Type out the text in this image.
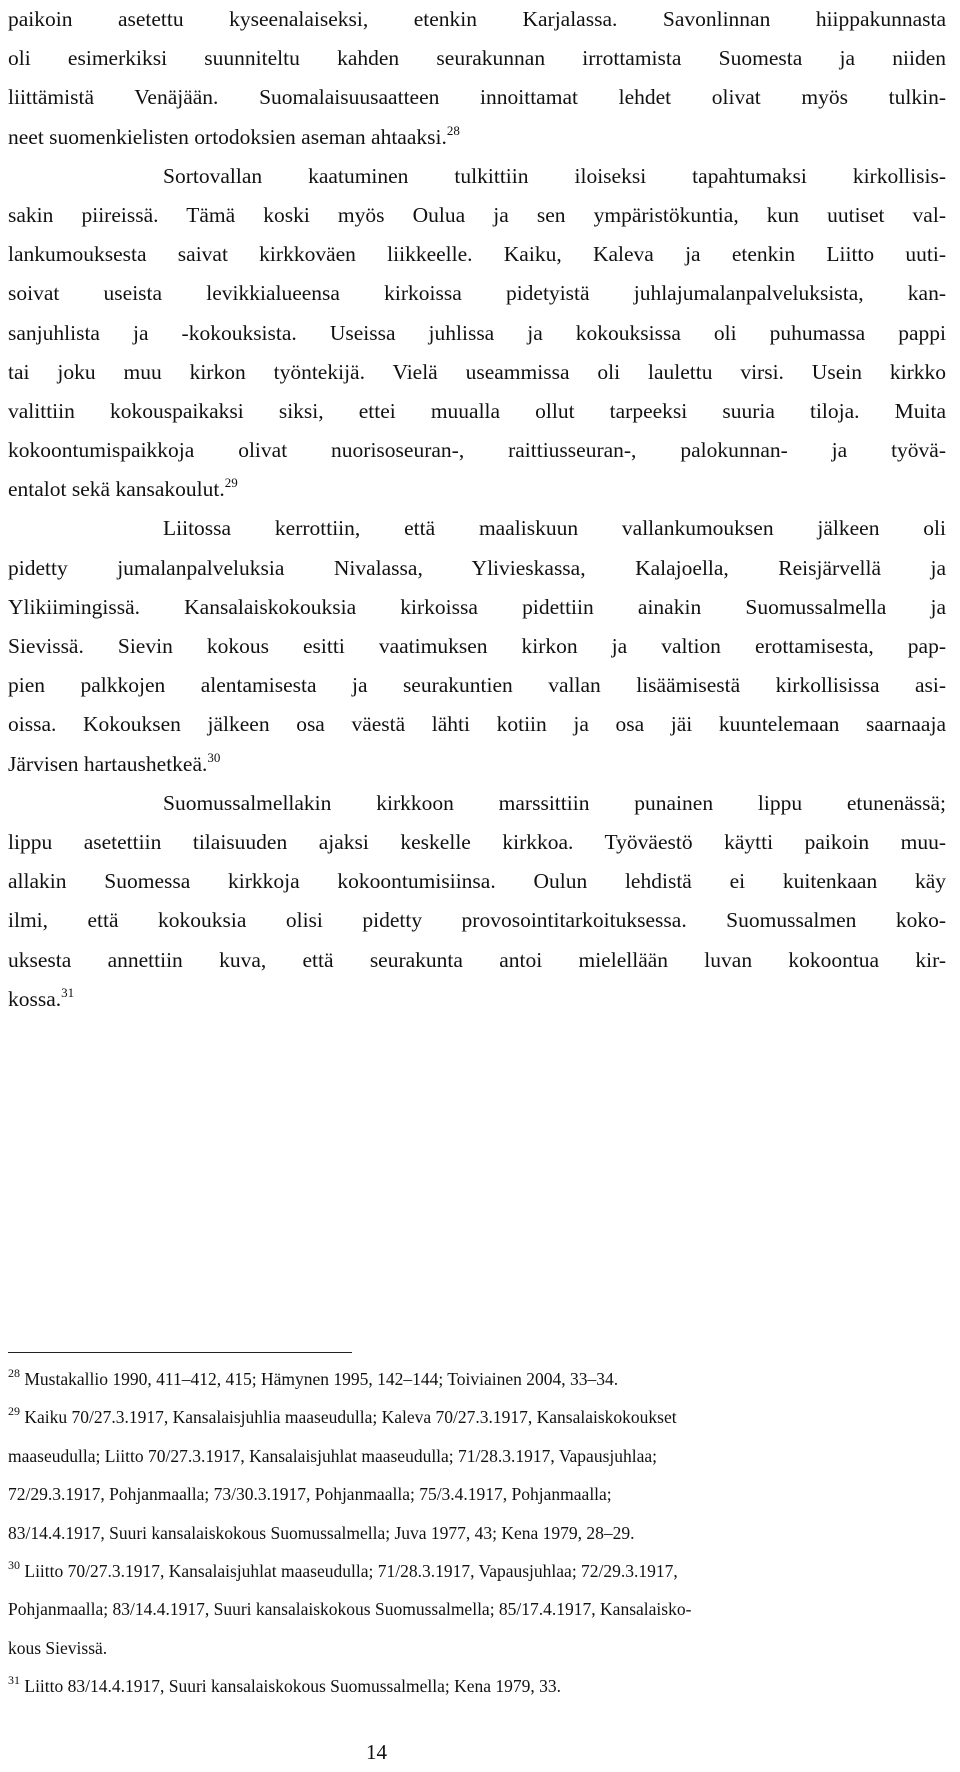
paikoin asetettu kyseenalaiseksi, etenkin Karjalassa. Savonlinnan hiippakunnasta
oli esimerkiksi suunniteltu kahden seurakunnan irrottamista Suomesta ja niiden
liittämistä Venäjään. Suomalaisuusaatteen innoittamat lehdet olivat myös tulkin-
neet suomenkielisten ortodoksien aseman ahtaaksi.$^{28}$
Sortovallan kaatuminen tulkittiin iloiseksi tapahtumaksi kirkollisis-
sakin piireissä. Tämä koski myös Oulua ja sen ympäristökuntia, kun uutiset val-
lankumouksesta saivat kirkkoväen liikkeelle. Kaiku, Kaleva ja etenkin Liitto uuti-
soivat useista levikkialueensa kirkoissa pidetyistä juhlajumalanpalveluksista, kan-
sanjuhlista ja -kokouksista. Useissa juhlissa ja kokouksissa oli puhumassa pappi
tai joku muu kirkon työntekijä. Vielä useammissa oli laulettu virsi. Usein kirkko
valittiin kokouspaikaksi siksi, ettei muualla ollut tarpeeksi suuria tiloja. Muita
kokoontumispaikkoja olivat nuorisoseuran-, raittiusseuran-, palokunnan- ja työvä-
entalot sekä kansakoulut.$^{29}$
Liitossa kerrottiin, että maaliskuun vallankumouksen jälkeen oli
pidetty jumalanpalveluksia Nivalassa, Ylivieskassa, Kalajoella, Reisjärvellä ja
Ylikiimingissä. Kansalaiskokouksia kirkoissa pidettiin ainakin Suomussalmella ja
Sievissä. Sievin kokous esitti vaatimuksen kirkon ja valtion erottamisesta, pap-
pien palkkojen alentamisesta ja seurakuntien vallan lisäämisestä kirkollisissa asi-
oissa. Kokouksen jälkeen osa väestä lähti kotiin ja osa jäi kuuntelemaan saarnaaja
Järvisen hartaushetkeä.$^{30}$
Suomussalmellakin kirkkoon marssittiin punainen lippu etunenässä;
lippu asetettiin tilaisuuden ajaksi keskelle kirkkoa. Työväestö käytti paikoin muu-
allakin Suomessa kirkkoja kokoontumisiinsa. Oulun lehdistä ei kuitenkaan käy
ilmi, että kokouksia olisi pidetty provosointitarkoituksessa. Suomussalmen koko-
uksesta annettiin kuva, että seurakunta antoi mielellään luvan kokoontua kir-
kossa.$^{31}$
$^{28}$ Mustakallio 1990, 411–412, 415; Hämynen 1995, 142–144; Toiviainen 2004, 33–34.
$^{29}$ Kaiku 70/27.3.1917, Kansalaisjuhlia maaseudulla; Kaleva 70/27.3.1917, Kansalaiskokoukset
maaseudulla; Liitto 70/27.3.1917, Kansalaisjuhlat maaseudulla; 71/28.3.1917, Vapausjuhlaa;
72/29.3.1917, Pohjanmaalla; 73/30.3.1917, Pohjanmaalla; 75/3.4.1917, Pohjanmaalla;
83/14.4.1917, Suuri kansalaiskokous Suomussalmella; Juva 1977, 43; Kena 1979, 28–29.
$^{30}$ Liitto 70/27.3.1917, Kansalaisjuhlat maaseudulla; 71/28.3.1917, Vapausjuhlaa; 72/29.3.1917,
Pohjanmaalla; 83/14.4.1917, Suuri kansalaiskokous Suomussalmella; 85/17.4.1917, Kansalaisko-
kous Sievissä.
$^{31}$ Liitto 83/14.4.1917, Suuri kansalaiskokous Suomussalmella; Kena 1979, 33.
14
